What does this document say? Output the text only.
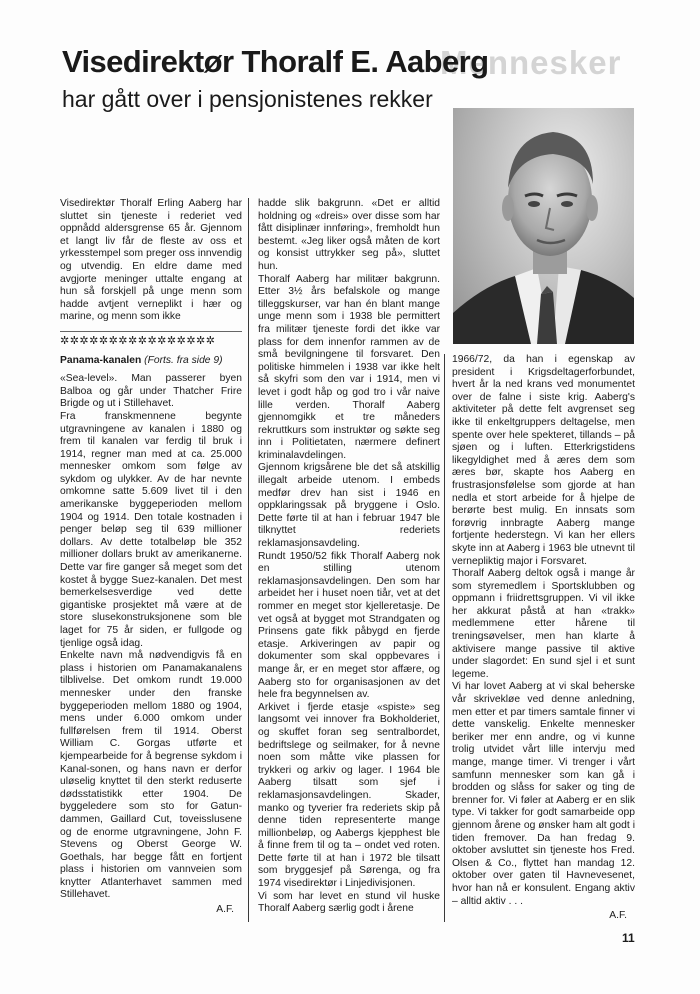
Mennesker
Visedirektør Thoralf E. Aaberg
har gått over i pensjonistenes rekker

Visedirektør Thoralf Erling Aaberg har sluttet sin tjeneste i rederiet ved oppnådd aldersgrense 65 år. Gjennom et langt liv får de fleste av oss et yrkesstempel som preger oss innvendig og utvendig. En eldre dame med avgjorte meninger uttalte engang at hun så forskjell på unge menn som hadde avtjent verneplikt i hær og marine, og menn som ikke

✲✲✲✲✲✲✲✲✲✲✲✲✲✲✲✲

Panama-kanalen (Forts. fra side 9)

«Sea-level». Man passerer byen Balboa og går under Thatcher Frire Brigde og ut i Stillehavet.

Fra franskmennene begynte utgravningene av kanalen i 1880 og frem til kanalen var ferdig til bruk i 1914, regner man med at ca. 25.000 mennesker omkom som følge av sykdom og ulykker. Av de har nevnte omkomne satte 5.609 livet til i den amerikanske byggeperioden mellom 1904 og 1914. Den totale kostnaden i penger beløp seg til 639 millioner dollars. Av dette totalbeløp ble 352 millioner dollars brukt av amerikanerne. Dette var fire ganger så meget som det kostet å bygge Suez-kanalen. Det mest bemerkelsesverdige ved dette gigantiske prosjektet må være at de store slusekonstruksjonene som ble laget for 75 år siden, er fullgode og tjenlige også idag.

Enkelte navn må nødvendigvis få en plass i historien om Panamakanalens tilblivelse. Det omkom rundt 19.000 mennesker under den franske byggeperioden mellom 1880 og 1904, mens under 6.000 omkom under fullførelsen frem til 1914. Oberst William C. Gorgas utførte et kjempearbeide for å begrense sykdom i Kanal-sonen, og hans navn er derfor uløselig knyttet til den sterkt reduserte dødsstatistikk etter 1904. De byggeledere som sto for Gatun-dammen, Gaillard Cut, toveisslusene og de enorme utgravningene, John F. Stevens og Oberst George W. Goethals, har begge fått en fortjent plass i historien om vannveien som knytter Atlanterhavet sammen med Stillehavet.

A.F.

hadde slik bakgrunn. «Det er alltid holdning og «dreis» over disse som har fått disiplinær innføring», fremholdt hun bestemt. «Jeg liker også måten de kort og konsist uttrykker seg på», sluttet hun.

Thoralf Aaberg har militær bakgrunn. Etter 3½ års befalskole og mange tilleggskurser, var han én blant mange unge menn som i 1938 ble permittert fra militær tjeneste fordi det ikke var plass for dem innenfor rammen av de små bevilgningene til forsvaret. Den politiske himmelen i 1938 var ikke helt så skyfri som den var i 1914, men vi levet i godt håp og god tro i vår naive lille verden. Thoralf Aaberg gjennomgikk et tre måneders rekruttkurs som instruktør og søkte seg inn i Politietaten, nærmere definert kriminalavdelingen.

Gjennom krigsårene ble det så atskillig illegalt arbeide utenom. I embeds medfør drev han sist i 1946 en oppklaringssak på bryggene i Oslo. Dette førte til at han i februar 1947 ble tilknyttet rederiets reklamasjonsavdeling.

Rundt 1950/52 fikk Thoralf Aaberg nok en stilling utenom reklamasjonsavdelingen. Den som har arbeidet her i huset noen tiår, vet at det rommer en meget stor kjelleretasje. De vet også at bygget mot Strandgaten og Prinsens gate fikk påbygd en fjerde etasje. Arkiveringen av papir og dokumenter som skal oppbevares i mange år, er en meget stor affære, og Aaberg sto for organisasjonen av det hele fra begynnelsen av.

Arkivet i fjerde etasje «spiste» seg langsomt vei innover fra Bokholderiet, og skuffet foran seg sentralbordet, bedriftslege og seilmaker, for å nevne noen som måtte vike plassen for trykkeri og arkiv og lager. I 1964 ble Aaberg tilsatt som sjef i reklamasjonsavdelingen. Skader, manko og tyverier fra rederiets skip på denne tiden representerte mange millionbeløp, og Aabergs kjepphest ble å finne frem til og ta – ondet ved roten. Dette førte til at han i 1972 ble tilsatt som bryggesjef på Sørenga, og fra 1974 visedirektør i Linjedivisjonen.

Vi som har levet en stund vil huske Thoralf Aaberg særlig godt i årene

1966/72, da han i egenskap av president i Krigsdeltagerforbundet, hvert år la ned krans ved monumentet over de falne i siste krig. Aaberg's aktiviteter på dette felt avgrenset seg ikke til enkeltgruppers deltagelse, men spente over hele spekteret, tillands – på sjøen og i luften. Etterkrigstidens likegyldighet med å æres dem som æres bør, skapte hos Aaberg en frustrasjonsfølelse som gjorde at han nedla et stort arbeide for å hjelpe de berørte best mulig. En innsats som forøvrig innbragte Aaberg mange fortjente hederstegn. Vi kan her ellers skyte inn at Aaberg i 1963 ble utnevnt til vernepliktig major i Forsvaret.

Thoralf Aaberg deltok også i mange år som styremedlem i Sportsklubben og oppmann i friidrettsgruppen. Vi vil ikke her akkurat påstå at han «trakk» medlemmene etter hårene til treningsøvelser, men han klarte å aktivisere mange passive til aktive under slagordet: En sund sjel i et sunt legeme.

Vi har lovet Aaberg at vi skal beherske vår skrivekløe ved denne anledning, men etter et par timers samtale finner vi dette vanskelig. Enkelte mennesker beriker mer enn andre, og vi kunne trolig utvidet vårt lille intervju med mange, mange timer. Vi trenger i vårt samfunn mennesker som kan gå i brodden og slåss for saker og ting de brenner for. Vi føler at Aaberg er en slik type. Vi takker for godt samarbeide opp gjennom årene og ønsker ham alt godt i tiden fremover. Da han fredag 9. oktober avsluttet sin tjeneste hos Fred. Olsen & Co., flyttet han mandag 12. oktober over gaten til Havnevesenet, hvor han nå er konsulent. Engang aktiv – alltid aktiv . . .

A.F.

11
